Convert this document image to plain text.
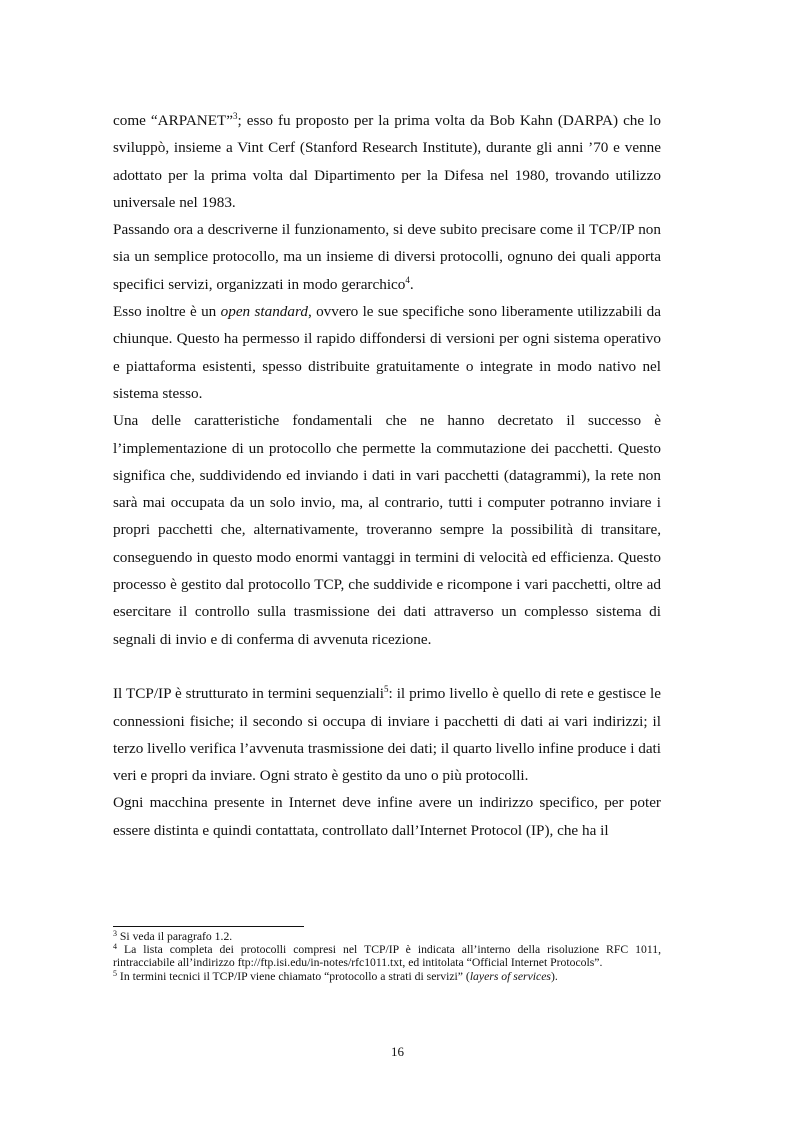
come “ARPANET”$^3$; esso fu proposto per la prima volta da Bob Kahn (DARPA) che lo sviluppò, insieme a Vint Cerf (Stanford Research Institute), durante gli anni ’70 e venne adottato per la prima volta dal Dipartimento per la Difesa nel 1980, trovando utilizzo universale nel 1983.

Passando ora a descriverne il funzionamento, si deve subito precisare come il TCP/IP non sia un semplice protocollo, ma un insieme di diversi protocolli, ognuno dei quali apporta specifici servizi, organizzati in modo gerarchico$^4$.

Esso inoltre è un open standard, ovvero le sue specifiche sono liberamente utilizzabili da chiunque. Questo ha permesso il rapido diffondersi di versioni per ogni sistema operativo e piattaforma esistenti, spesso distribuite gratuitamente o integrate in modo nativo nel sistema stesso.

Una delle caratteristiche fondamentali che ne hanno decretato il successo è l’implementazione di un protocollo che permette la commutazione dei pacchetti. Questo significa che, suddividendo ed inviando i dati in vari pacchetti (datagrammi), la rete non sarà mai occupata da un solo invio, ma, al contrario, tutti i computer potranno inviare i propri pacchetti che, alternativamente, troveranno sempre la possibilità di transitare, conseguendo in questo modo enormi vantaggi in termini di velocità ed efficienza. Questo processo è gestito dal protocollo TCP, che suddivide e ricompone i vari pacchetti, oltre ad esercitare il controllo sulla trasmissione dei dati attraverso un complesso sistema di segnali di invio e di conferma di avvenuta ricezione.

Il TCP/IP è strutturato in termini sequenziali$^5$: il primo livello è quello di rete e gestisce le connessioni fisiche; il secondo si occupa di inviare i pacchetti di dati ai vari indirizzi; il terzo livello verifica l’avvenuta trasmissione dei dati; il quarto livello infine produce i dati veri e propri da inviare. Ogni strato è gestito da uno o più protocolli.

Ogni macchina presente in Internet deve infine avere un indirizzo specifico, per poter essere distinta e quindi contattata, controllato dall’Internet Protocol (IP), che ha il

$^3$ Si veda il paragrafo 1.2.

$^4$ La lista completa dei protocolli compresi nel TCP/IP è indicata all’interno della risoluzione RFC 1011, rintracciabile all’indirizzo ftp://ftp.isi.edu/in-notes/rfc1011.txt, ed intitolata “Official Internet Protocols”.

$^5$ In termini tecnici il TCP/IP viene chiamato “protocollo a strati di servizi” (layers of services).

16
